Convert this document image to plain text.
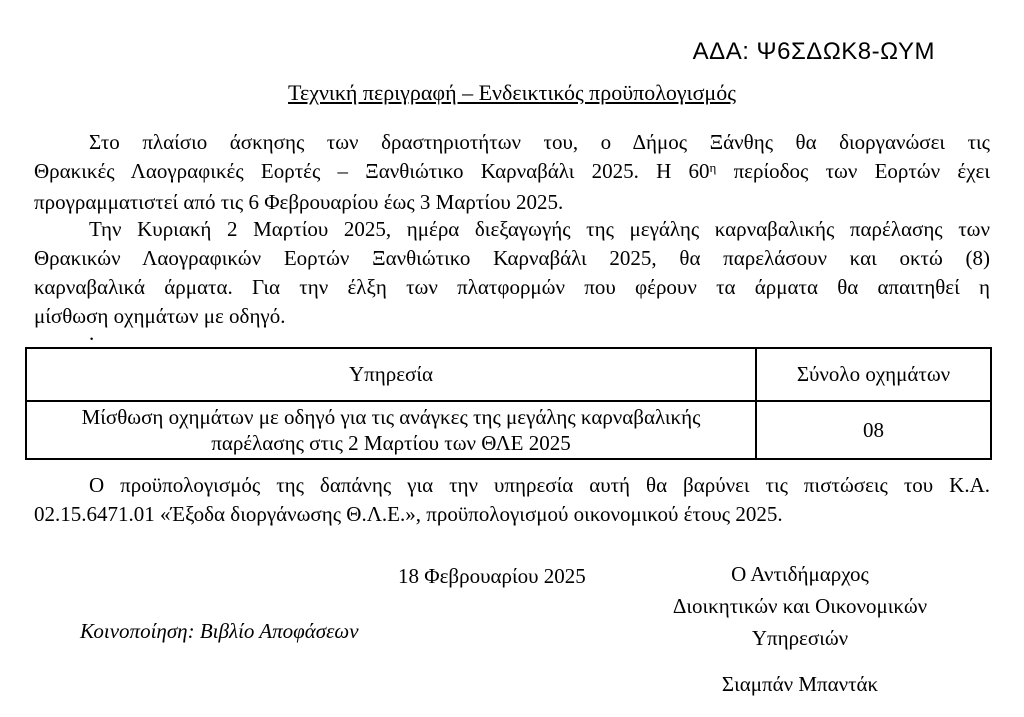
ΑΔΑ: Ψ6ΣΔΩΚ8-ΩΥΜ
Τεχνική περιγραφή – Ενδεικτικός προϋπολογισμός
Στο πλαίσιο άσκησης των δραστηριοτήτων του, ο Δήμος Ξάνθης θα διοργανώσει τις
Θρακικές Λαογραφικές Εορτές – Ξανθιώτικο Καρναβάλι 2025. Η $60^\eta$ περίοδος των Εορτών έχει
προγραμματιστεί από τις 6 Φεβρουαρίου έως 3 Μαρτίου 2025.
Την Κυριακή 2 Μαρτίου 2025, ημέρα διεξαγωγής της μεγάλης καρναβαλικής παρέλασης των
Θρακικών Λαογραφικών Εορτών Ξανθιώτικο Καρναβάλι 2025, θα παρελάσουν και οκτώ (8)
καρναβαλικά άρματα. Για την έλξη των πλατφορμών που φέρουν τα άρματα θα απαιτηθεί η
μίσθωση οχημάτων με οδηγό.
.
Υπηρεσία	Σύνολο οχημάτων
Μίσθωση οχημάτων με οδηγό για τις ανάγκες της μεγάλης καρναβαλικής παρέλασης στις 2 Μαρτίου των ΘΛΕ 2025	08
Ο προϋπολογισμός της δαπάνης για την υπηρεσία αυτή θα βαρύνει τις πιστώσεις του Κ.Α.
02.15.6471.01 «Έξοδα διοργάνωσης Θ.Λ.Ε.», προϋπολογισμού οικονομικού έτους 2025.
18 Φεβρουαρίου 2025	Ο Αντιδήμαρχος
Διοικητικών και Οικονομικών
Υπηρεσιών
Σιαμπάν Μπαντάκ
Κοινοποίηση: Βιβλίο Αποφάσεων
